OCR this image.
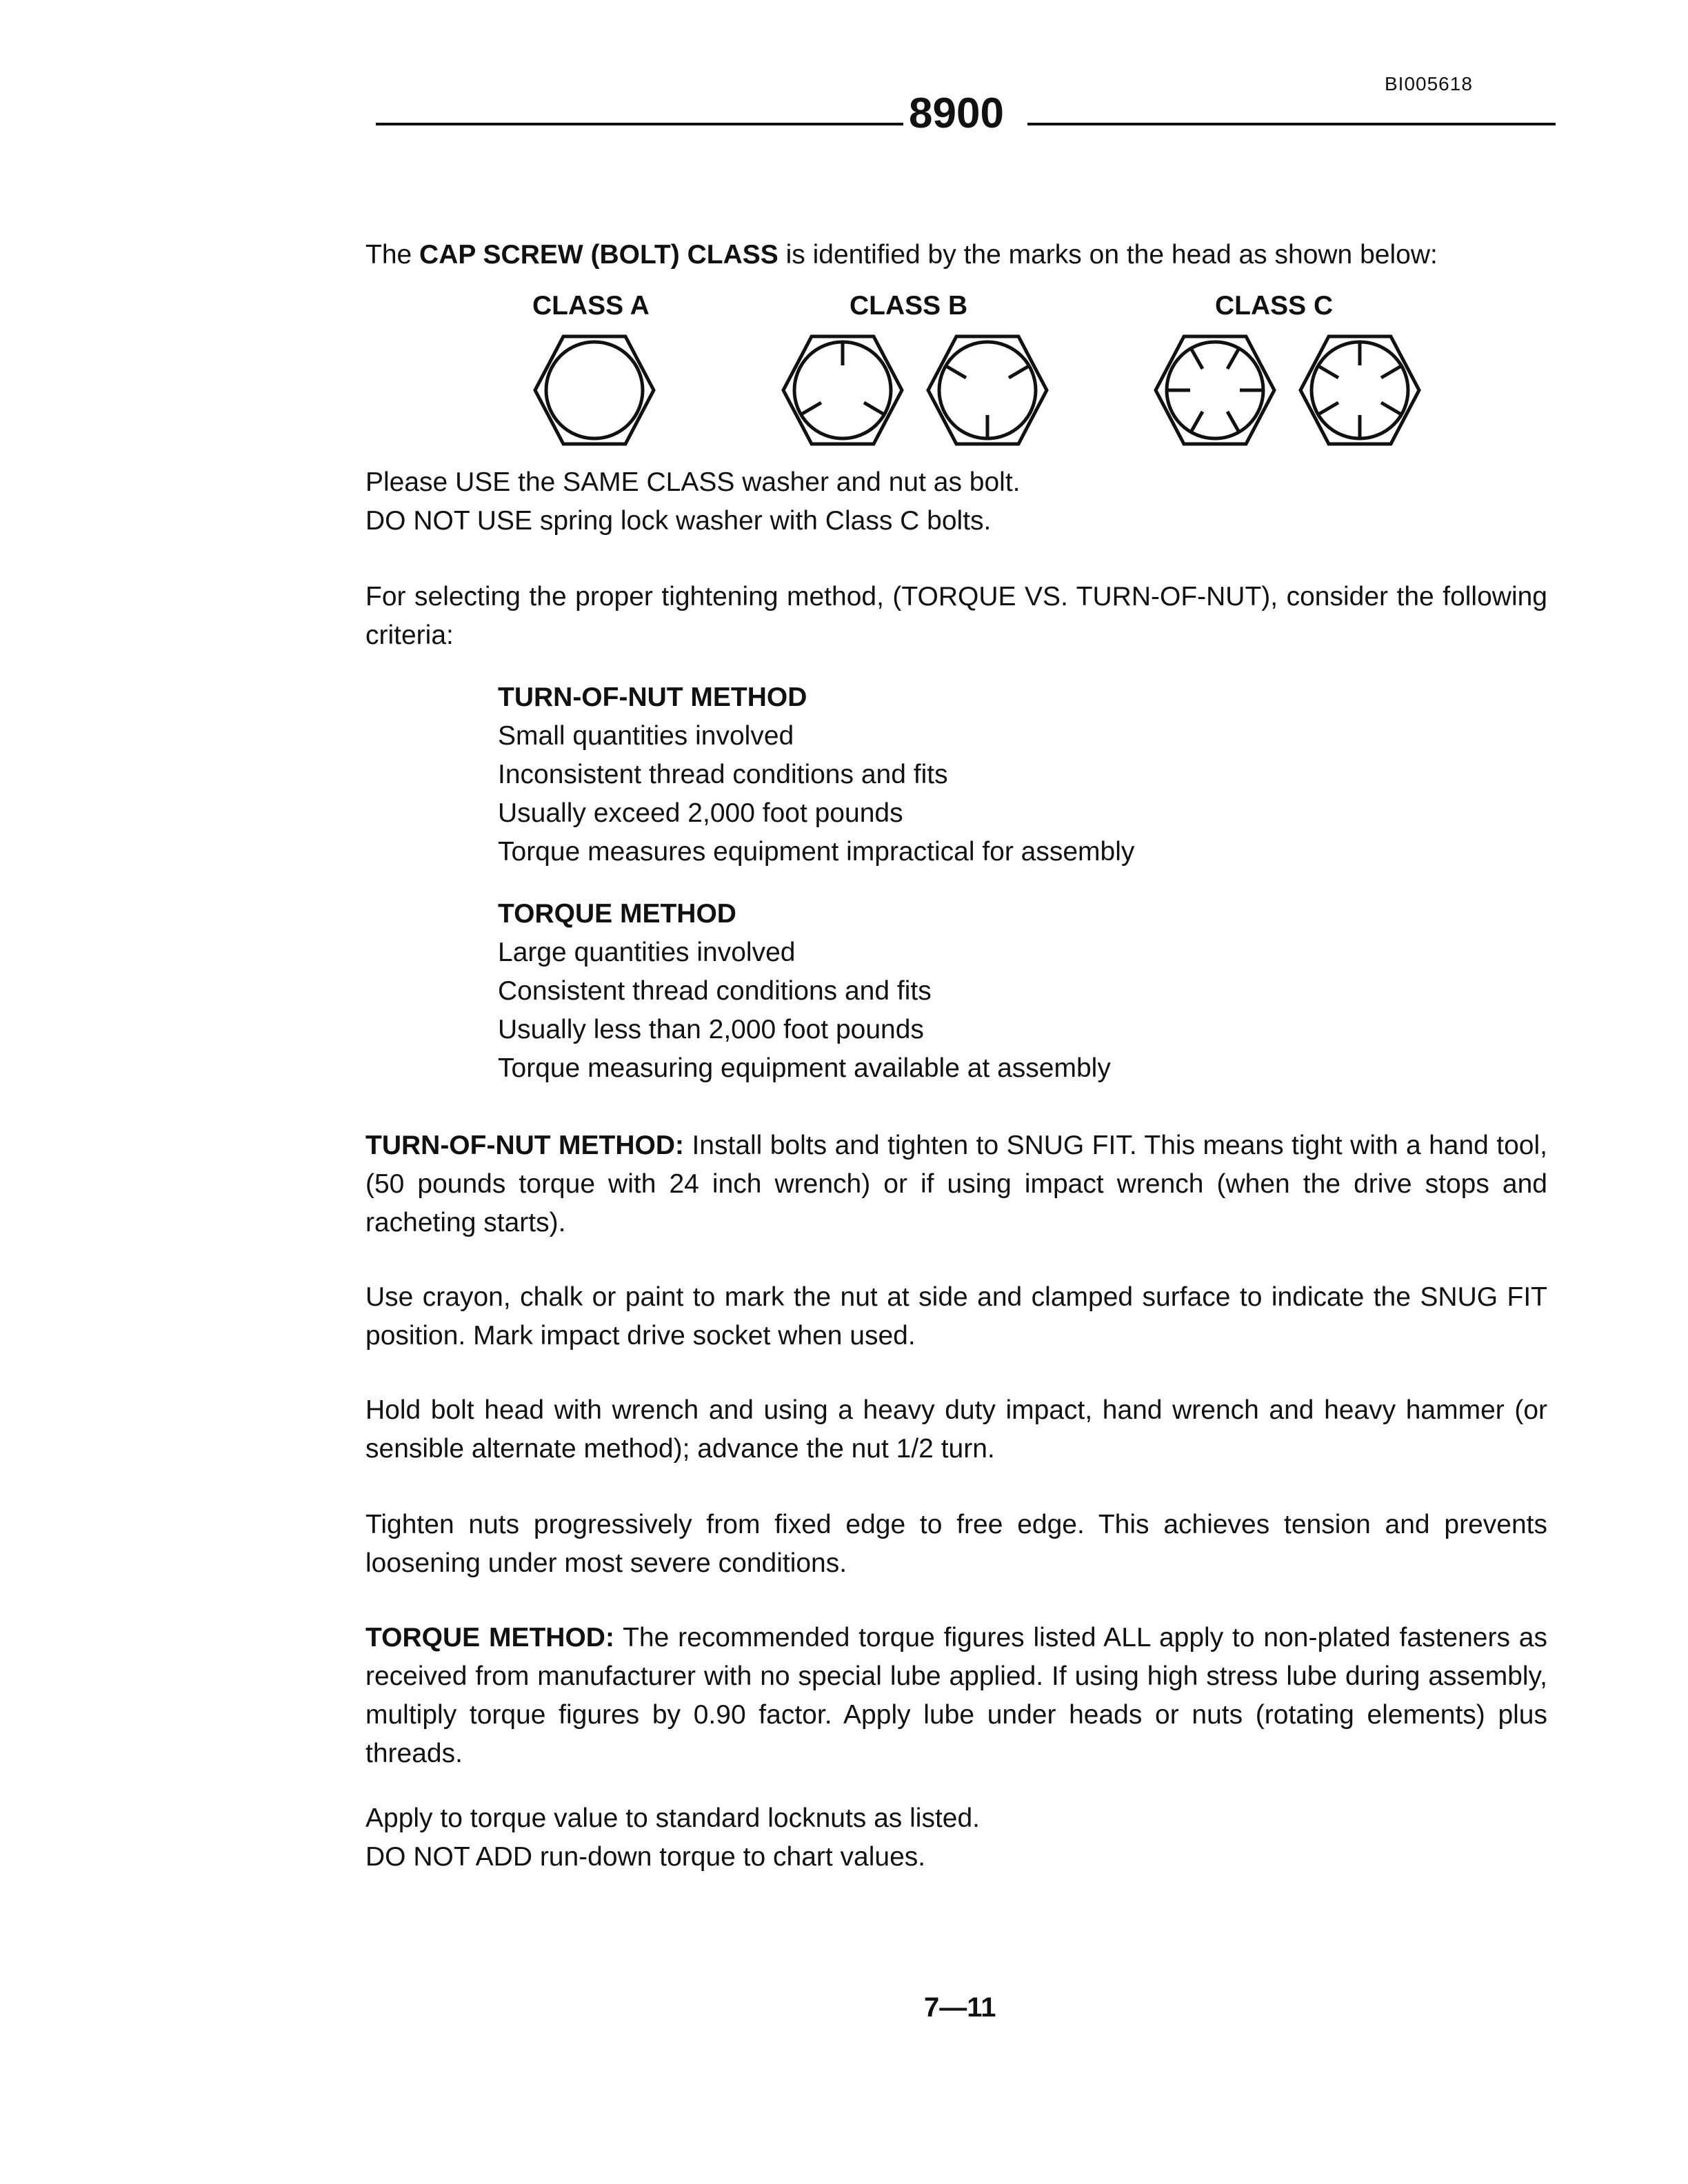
BI005618
8900
The CAP SCREW (BOLT) CLASS is identified by the marks on the head as shown below:
CLASS A	CLASS B	CLASS C
Please USE the SAME CLASS washer and nut as bolt.
DO NOT USE spring lock washer with Class C bolts.
For selecting the proper tightening method, (TORQUE VS. TURN-OF-NUT), consider the following criteria:
TURN-OF-NUT METHOD
Small quantities involved
Inconsistent thread conditions and fits
Usually exceed 2,000 foot pounds
Torque measures equipment impractical for assembly
TORQUE METHOD
Large quantities involved
Consistent thread conditions and fits
Usually less than 2,000 foot pounds
Torque measuring equipment available at assembly
TURN-OF-NUT METHOD: Install bolts and tighten to SNUG FIT. This means tight with a hand tool, (50 pounds torque with 24 inch wrench) or if using impact wrench (when the drive stops and racheting starts).
Use crayon, chalk or paint to mark the nut at side and clamped surface to indicate the SNUG FIT position. Mark impact drive socket when used.
Hold bolt head with wrench and using a heavy duty impact, hand wrench and heavy hammer (or sensible alternate method); advance the nut 1/2 turn.
Tighten nuts progressively from fixed edge to free edge. This achieves tension and prevents loosening under most severe conditions.
TORQUE METHOD: The recommended torque figures listed ALL apply to non-plated fasteners as received from manufacturer with no special lube applied. If using high stress lube during assembly, multiply torque figures by 0.90 factor. Apply lube under heads or nuts (rotating elements) plus threads.
Apply to torque value to standard locknuts as listed.
DO NOT ADD run-down torque to chart values.
7—11
